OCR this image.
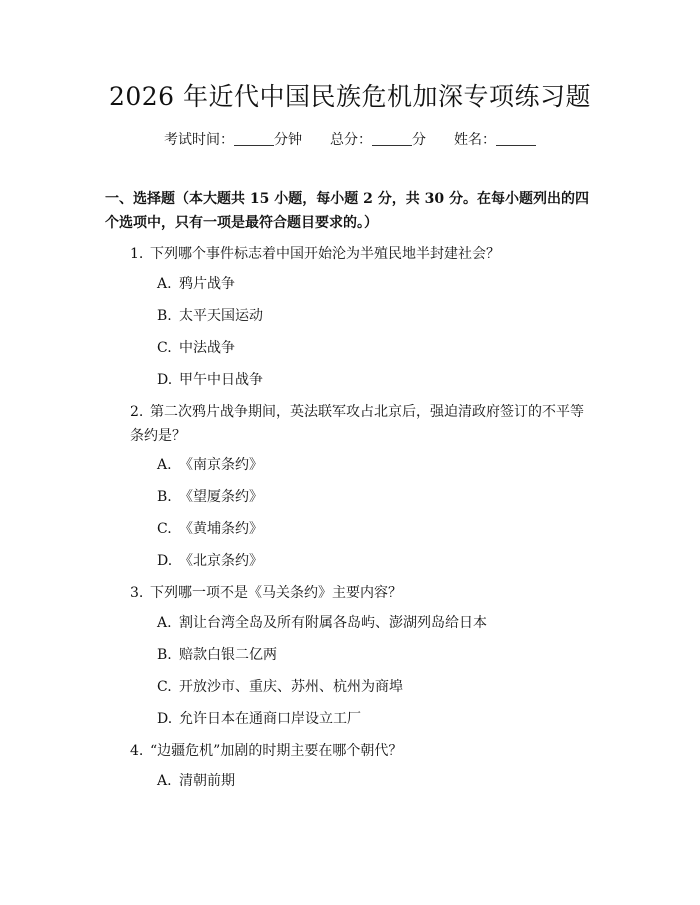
2026 年近代中国民族危机加深专项练习题
考试时间：	分钟 总分：	分 姓名：
一、选择题（本大题共 15 小题，每小题 2 分，共 30 分。在每小题列出的四个选项中，只有一项是最符合题目要求的。）
1. 下列哪个事件标志着中国开始沦为半殖民地半封建社会？
A. 鸦片战争
B. 太平天国运动
C. 中法战争
D. 甲午中日战争
2. 第二次鸦片战争期间，英法联军攻占北京后，强迫清政府签订的不平等条约是？
A. 《南京条约》
B. 《望厦条约》
C. 《黄埔条约》
D. 《北京条约》
3. 下列哪一项不是《马关条约》主要内容？
A. 割让台湾全岛及所有附属各岛屿、澎湖列岛给日本
B. 赔款白银二亿两
C. 开放沙市、重庆、苏州、杭州为商埠
D. 允许日本在通商口岸设立工厂
4. “边疆危机”加剧的时期主要在哪个朝代？
A. 清朝前期
